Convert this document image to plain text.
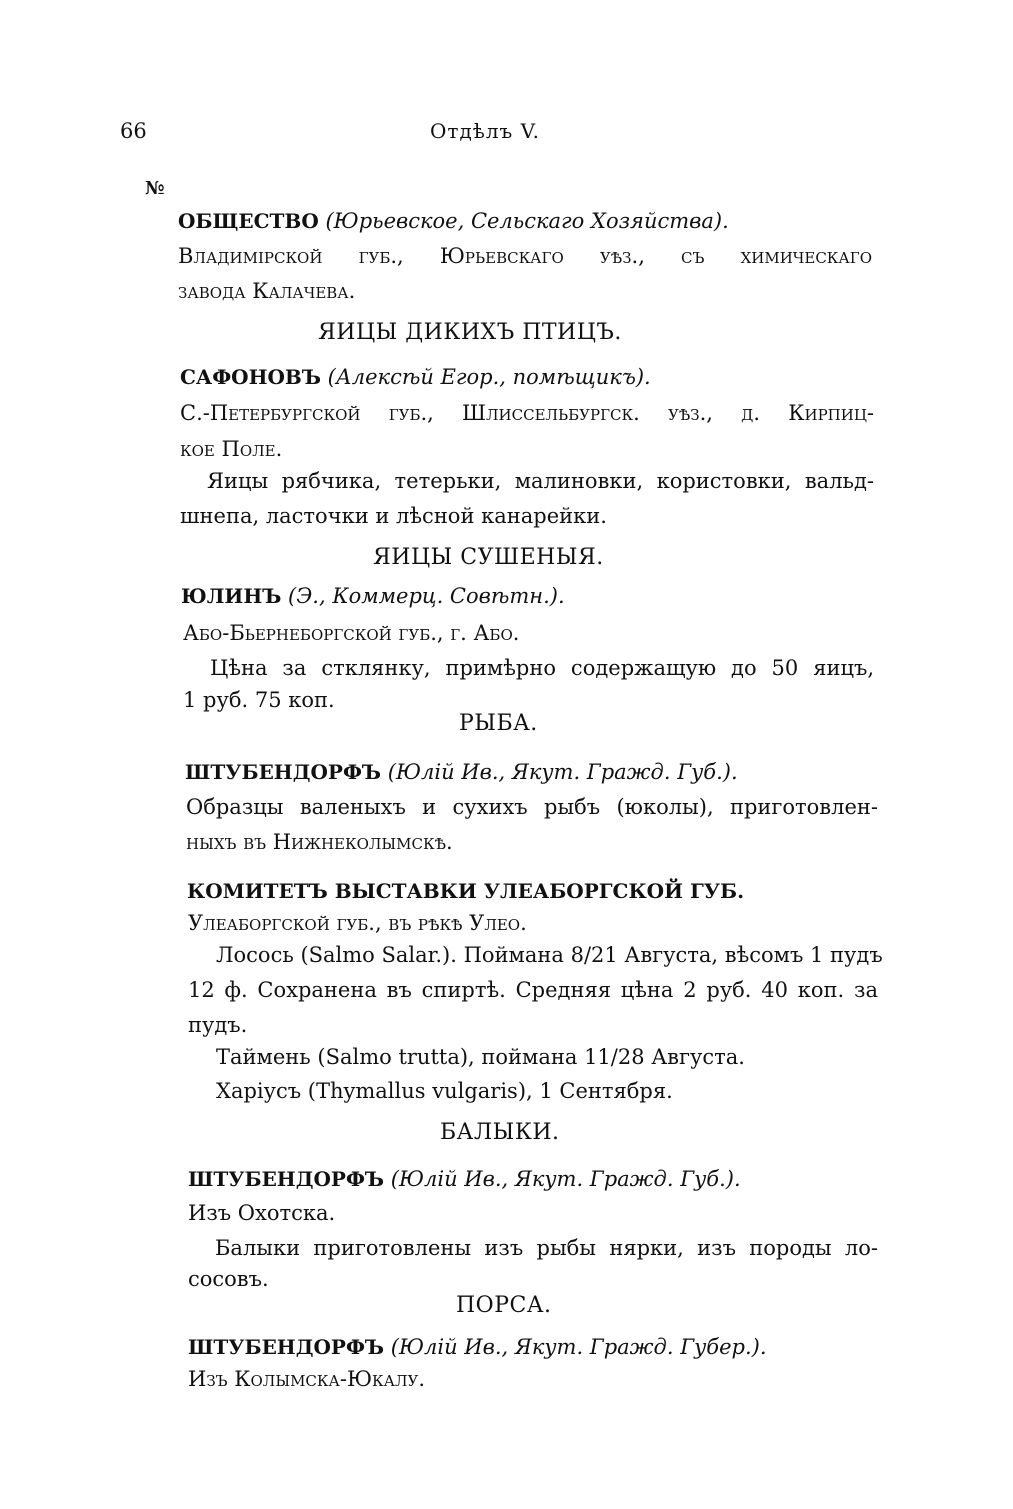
66	Отдѣлъ V.
№
ОБЩЕСТВО (Юрьевское, Сельскаго Хозяйства).
Владимірской губ., Юрьевскаго уѣз., съ химическаго
завода Калачева.
ЯИЦЫ ДИКИХЪ ПТИЦЪ.
САФОНОВЪ (Алексѣй Егор., помѣщикъ).
С.-Петербургской губ., Шлиссельбургск. уѣз., д. Кирпиц-
кое Поле.
Яицы рябчика, тетерьки, малиновки, користовки, вальд-
шнепа, ласточки и лѣсной канарейки.
ЯИЦЫ СУШЕНЫЯ.
ЮЛИНЪ (Э., Коммерц. Совѣтн.).
Або-Бьернеборгской губ., г. Або.
Цѣна за стклянку, примѣрно содержащую до 50 яицъ,
1 руб. 75 коп.
РЫБА.
ШТУБЕНДОРФЪ (Юлій Ив., Якут. Гражд. Губ.).
Образцы валеныхъ и сухихъ рыбъ (юколы), приготовлен-
ныхъ въ Нижнеколымскѣ.
КОМИТЕТЪ ВЫСТАВКИ УЛЕАБОРГСКОЙ ГУБ.
Улеаборгской губ., въ рѣкѣ Улео.
Лосось (Salmo Salar.). Поймана 8/21 Августа, вѣсомъ 1 пудъ
12 ф. Сохранена въ спиртѣ. Средняя цѣна 2 руб. 40 коп. за
пудъ.
Таймень (Salmo trutta), поймана 11/28 Августа.
Харіусъ (Thymallus vulgaris), 1 Сентября.
БАЛЫКИ.
ШТУБЕНДОРФЪ (Юлій Ив., Якут. Гражд. Губ.).
Изъ Охотска.
Балыки приготовлены изъ рыбы нярки, изъ породы ло-
сосовъ.
ПОРСА.
ШТУБЕНДОРФЪ (Юлій Ив., Якут. Гражд. Губер.).
Изъ Колымска-Юкалу.
